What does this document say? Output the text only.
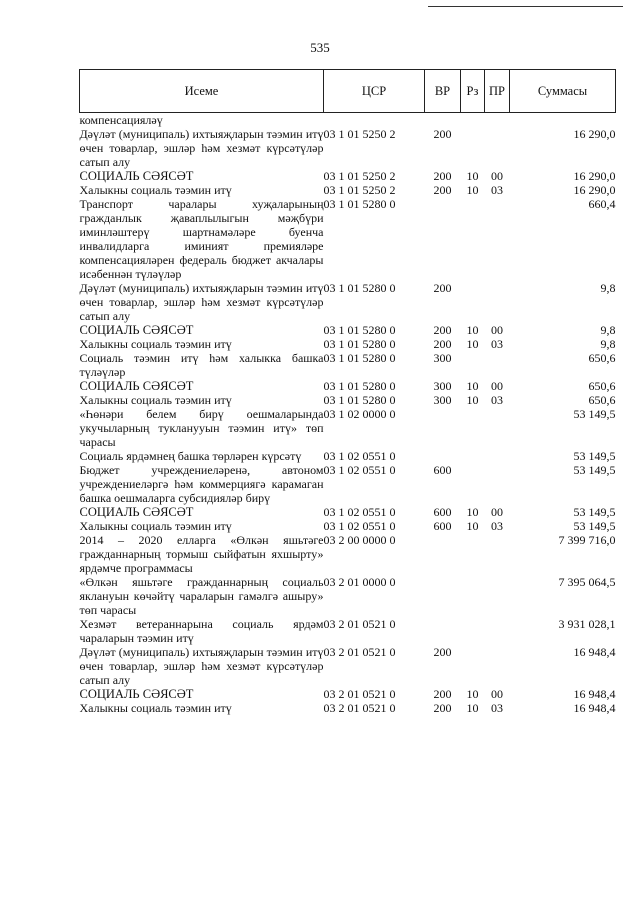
535
Исеме	ЦСР	ВР	Рз	ПР	Суммасы
компенсацияләү					
Дәүләт (муниципаль) ихтыяҗларын тәэмин итү өчен товарлар, эшләр һәм хезмәт күрсәтүләр сатып алу	03 1 01 5250 2	200			16 290,0
СОЦИАЛЬ СӘЯСӘТ	03 1 01 5250 2	200	10	00	16 290,0
Халыкны социаль тәэмин итү	03 1 01 5250 2	200	10	03	16 290,0
Транспорт чаралары хуҗаларының гражданлык җаваплылыгын мәҗбүри иминләштерү шартнамәләре буенча инвалидларга иминият премияләре компенсацияләрен федераль бюджет акчалары исәбеннән түләүләр	03 1 01 5280 0				660,4
Дәүләт (муниципаль) ихтыяҗларын тәэмин итү өчен товарлар, эшләр һәм хезмәт күрсәтүләр сатып алу	03 1 01 5280 0	200			9,8
СОЦИАЛЬ СӘЯСӘТ	03 1 01 5280 0	200	10	00	9,8
Халыкны социаль тәэмин итү	03 1 01 5280 0	200	10	03	9,8
Социаль тәэмин итү һәм халыкка башка түләүләр	03 1 01 5280 0	300			650,6
СОЦИАЛЬ СӘЯСӘТ	03 1 01 5280 0	300	10	00	650,6
Халыкны социаль тәэмин итү	03 1 01 5280 0	300	10	03	650,6
«Һөнәри белем бирү оешмаларында укучыларның тукланууын тәэмин итү» төп чарасы	03 1 02 0000 0				53 149,5
Социаль ярдәмнең башка төрләрен күрсәтү	03 1 02 0551 0				53 149,5
Бюджет учреждениеләренә, автоном учреждениеләргә һәм коммерциягә карамаган башка оешмаларга субсидияләр бирү	03 1 02 0551 0	600			53 149,5
СОЦИАЛЬ СӘЯСӘТ	03 1 02 0551 0	600	10	00	53 149,5
Халыкны социаль тәэмин итү	03 1 02 0551 0	600	10	03	53 149,5
2014 – 2020 елларга «Өлкән яшьтәге гражданнарның тормыш сыйфатын яхшырту» ярдәмче программасы	03 2 00 0000 0				7 399 716,0
«Өлкән яшьтәге гражданнарның социаль яклануын көчәйтү чараларын гамәлгә ашыру» төп чарасы	03 2 01 0000 0				7 395 064,5
Хезмәт ветераннарына социаль ярдәм чараларын тәэмин итү	03 2 01 0521 0				3 931 028,1
Дәүләт (муниципаль) ихтыяҗларын тәэмин итү өчен товарлар, эшләр һәм хезмәт күрсәтүләр сатып алу	03 2 01 0521 0	200			16 948,4
СОЦИАЛЬ СӘЯСӘТ	03 2 01 0521 0	200	10	00	16 948,4
Халыкны социаль тәэмин итү	03 2 01 0521 0	200	10	03	16 948,4
